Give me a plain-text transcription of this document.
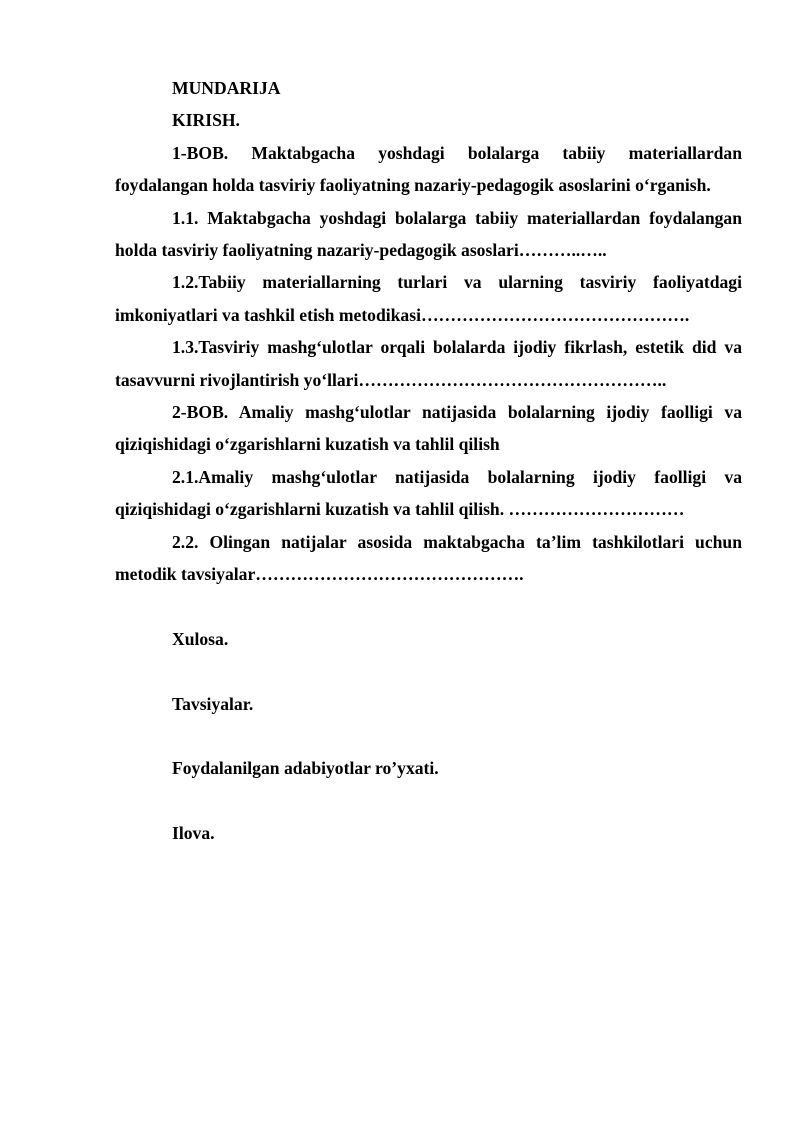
MUNDARIJA
KIRISH.

1-BOB. Maktabgacha yoshdagi bolalarga tabiiy materiallardan foydalangan holda tasviriy faoliyatning nazariy-pedagogik asoslarini o‘rganish.

1.1. Maktabgacha yoshdagi bolalarga tabiiy materiallardan foydalangan holda tasviriy faoliyatning nazariy-pedagogik asoslari………..…..

1.2.Tabiiy materiallarning turlari va ularning tasviriy faoliyatdagi imkoniyatlari va tashkil etish metodikasi……………………………………….

1.3.Tasviriy mashg‘ulotlar orqali bolalarda ijodiy fikrlash, estetik did va tasavvurni rivojlantirish yo‘llari……………………………………………..

2-BOB. Amaliy mashg‘ulotlar natijasida bolalarning ijodiy faolligi va qiziqishidagi o‘zgarishlarni kuzatish va tahlil qilish

2.1.Amaliy mashg‘ulotlar natijasida bolalarning ijodiy faolligi va qiziqishidagi o‘zgarishlarni kuzatish va tahlil qilish. …………………………

2.2. Olingan natijalar asosida maktabgacha ta’lim tashkilotlari uchun metodik tavsiyalar……………………………………….

Xulosa.
Tavsiyalar.
Foydalanilgan adabiyotlar ro’yxati.
Ilova.
